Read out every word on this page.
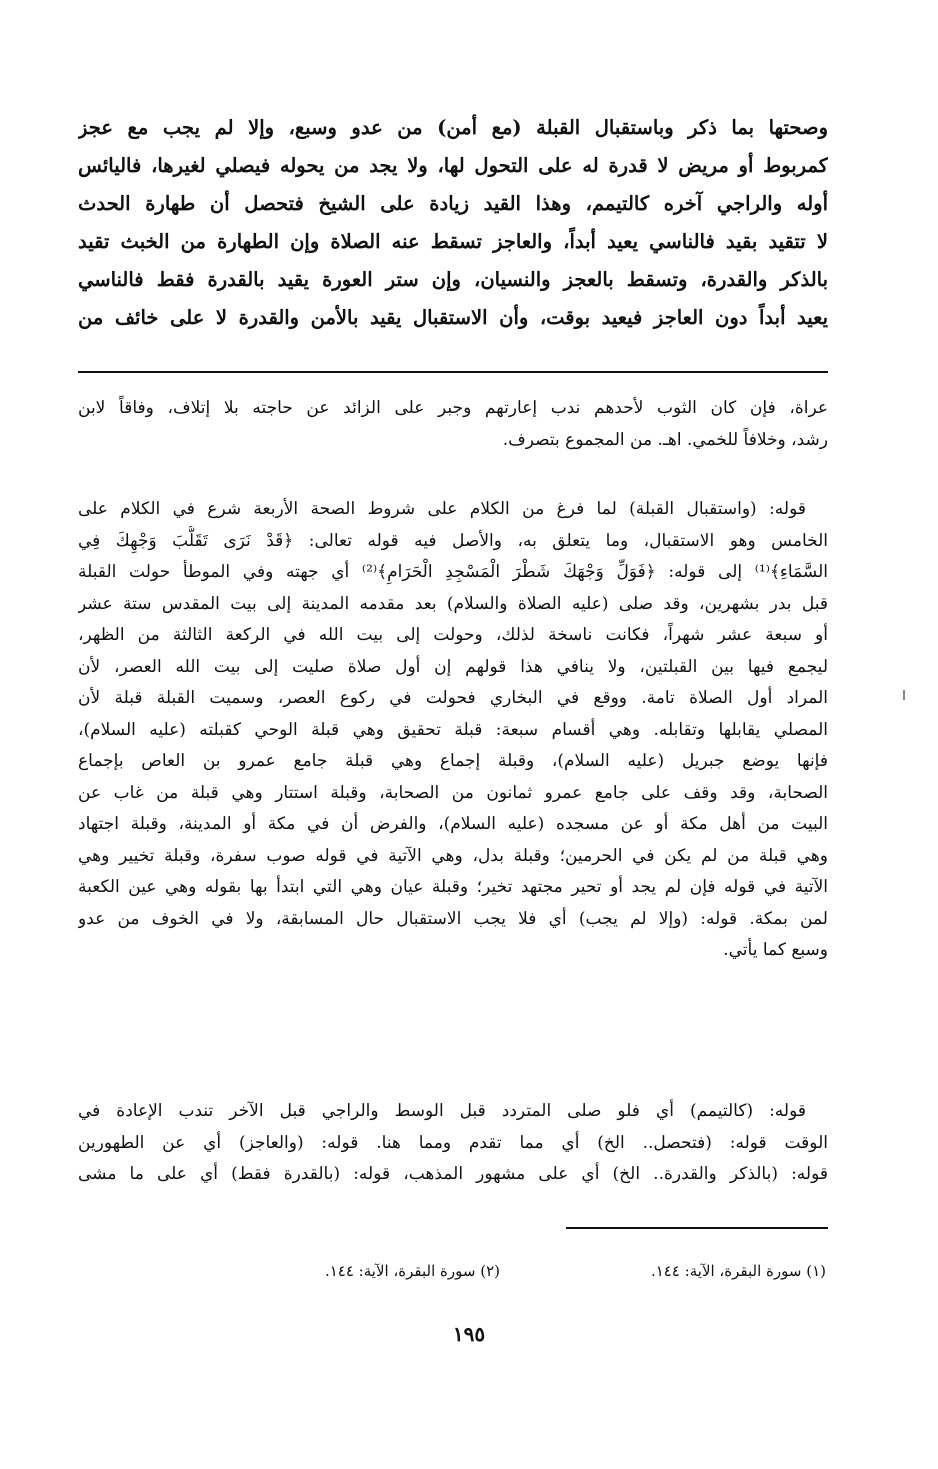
وصحتها بما ذكر وباستقبال القبلة (مع أمن) من عدو وسبع، وإلا لم يجب مع عجز
كمربوط أو مريض لا قدرة له على التحول لها، ولا يجد من يحوله فيصلي لغيرها، فاليائس
أوله والراجي آخره كالتيمم، وهذا القيد زيادة على الشيخ فتحصل أن طهارة الحدث
لا تتقيد بقيد فالناسي يعيد أبداً، والعاجز تسقط عنه الصلاة وإن الطهارة من الخبث تقيد
بالذكر والقدرة، وتسقط بالعجز والنسيان، وإن ستر العورة يقيد بالقدرة فقط فالناسي
يعيد أبداً دون العاجز فيعيد بوقت، وأن الاستقبال يقيد بالأمن والقدرة لا على خائف من
عراة، فإن كان الثوب لأحدهم ندب إعارتهم وجبر على الزائد عن حاجته بلا إتلاف، وفاقاً لابن
رشد، وخلافاً للخمي. اهـ. من المجموع بتصرف.
قوله: (واستقبال القبلة) لما فرغ من الكلام على شروط الصحة الأربعة شرع في الكلام على
الخامس وهو الاستقبال، وما يتعلق به، والأصل فيه قوله تعالى: ﴿قَدْ نَرَى تَقَلُّبَ وَجْهِكَ فِي
السَّمَاءِ﴾⁽¹⁾ إلى قوله: ﴿فَوَلِّ وَجْهَكَ شَطْرَ الْمَسْجِدِ الْحَرَامِ﴾⁽²⁾ أي جهته وفي الموطأ حولت القبلة
قبل بدر بشهرين، وقد صلى (عليه الصلاة والسلام) بعد مقدمه المدينة إلى بيت المقدس ستة عشر
أو سبعة عشر شهراً، فكانت ناسخة لذلك، وحولت إلى بيت الله في الركعة الثالثة من الظهر،
ليجمع فيها بين القبلتين، ولا ينافي هذا قولهم إن أول صلاة صليت إلى بيت الله العصر، لأن
المراد أول الصلاة تامة. ووقع في البخاري فحولت في ركوع العصر، وسميت القبلة قبلة لأن
المصلي يقابلها وتقابله. وهي أقسام سبعة: قبلة تحقيق وهي قبلة الوحي كقبلته (عليه السلام)،
فإنها يوضع جبريل (عليه السلام)، وقبلة إجماع وهي قبلة جامع عمرو بن العاص بإجماع
الصحابة، وقد وقف على جامع عمرو ثمانون من الصحابة، وقبلة استتار وهي قبلة من غاب عن
البيت من أهل مكة أو عن مسجده (عليه السلام)، والفرض أن في مكة أو المدينة، وقبلة اجتهاد
وهي قبلة من لم يكن في الحرمين؛ وقبلة بدل، وهي الآتية في قوله صوب سفرة، وقبلة تخيير وهي
الآتية في قوله فإن لم يجد أو تحير مجتهد تخير؛ وقبلة عيان وهي التي ابتدأ بها بقوله وهي عين الكعبة
لمن بمكة. قوله: (وإلا لم يجب) أي فلا يجب الاستقبال حال المسابقة، ولا في الخوف من عدو
وسبع كما يأتي.
قوله: (كالتيمم) أي فلو صلى المتردد قبل الوسط والراجي قبل الآخر تندب الإعادة في
الوقت قوله: (فتحصل.. الخ) أي مما تقدم ومما هنا. قوله: (والعاجز) أي عن الطهورين
قوله: (بالذكر والقدرة.. الخ) أي على مشهور المذهب، قوله: (بالقدرة فقط) أي على ما مشى
(١) سورة البقرة، الآية: ١٤٤.
(٢) سورة البقرة، الآية: ١٤٤.
١٩٥
